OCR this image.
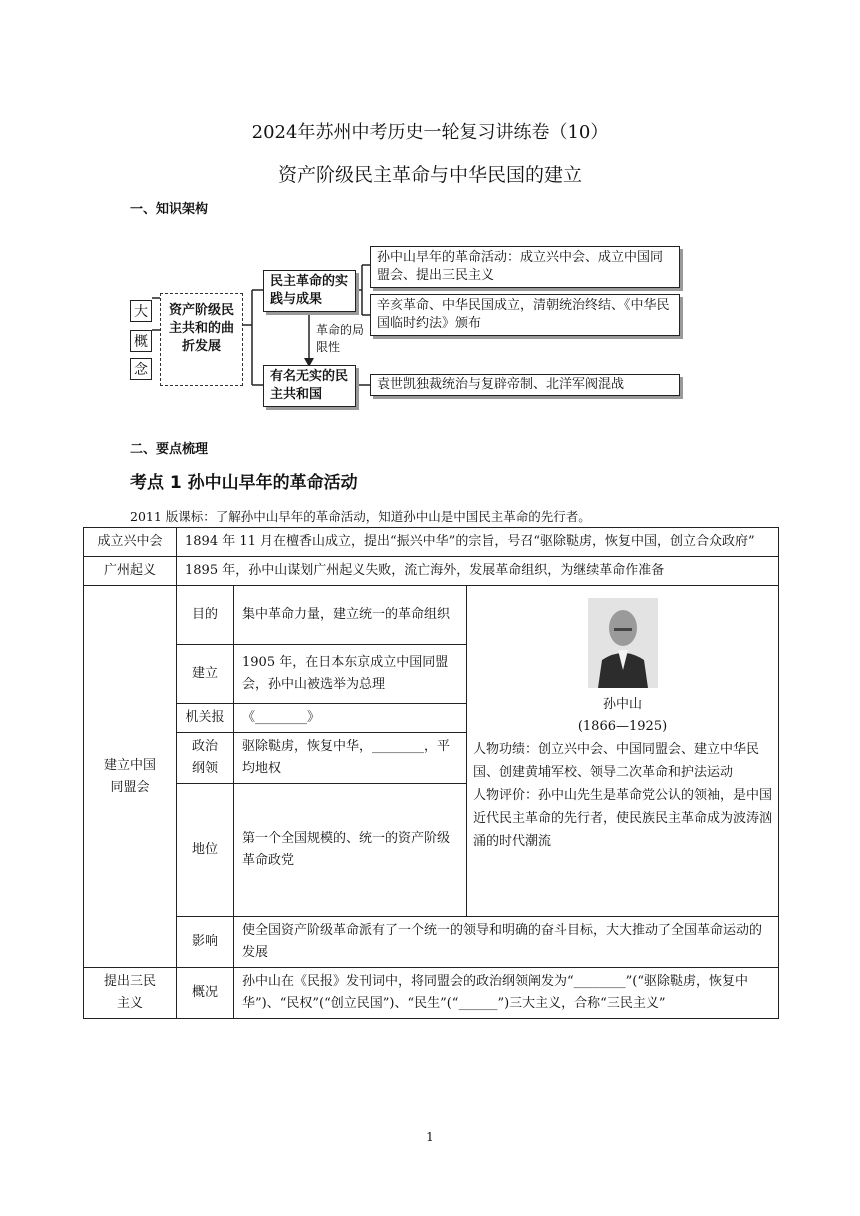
2024年苏州中考历史一轮复习讲练卷（10）
资产阶级民主革命与中华民国的建立
一、知识架构
大
概
念
资产阶级民主共和的曲折发展
民主革命的实践与成果
革命的局限性
有名无实的民主共和国
孙中山早年的革命活动：成立兴中会、成立中国同盟会、提出三民主义
辛亥革命、中华民国成立，清朝统治终结、《中华民国临时约法》颁布
袁世凯独裁统治与复辟帝制、北洋军阀混战
二、要点梳理
考点 1 孙中山早年的革命活动
2011 版课标：了解孙中山早年的革命活动，知道孙中山是中国民主革命的先行者。
成立兴中会	1894 年 11 月在檀香山成立，提出“振兴中华”的宗旨，号召“驱除鞑虏，恢复中国，创立合众政府”		
广州起义	1895 年，孙中山谋划广州起义失败，流亡海外，发展革命组织，为继续革命作准备		

建立中国同盟会	目的	集中革命力量，建立统一的革命组织	孙中山
(1866—1925)
人物功绩：创立兴中会、中国同盟会、建立中华民国、创建黄埔军校、领导二次革命和护法运动
人物评价：孙中山先生是革命党公认的领袖，是中国近代民主革命的先行者，使民族民主革命成为波涛汹涌的时代潮流

	建立	1905 年，在日本东京成立中国同盟会，孙中山被选举为总理	
	机关报	《________》	

	政治纲领	驱除鞑虏，恢复中华，________，平均地权	
	地位	第一个全国规模的、统一的资产阶级革命政党	
	影响	使全国资产阶级革命派有了一个统一的领导和明确的奋斗目标，大大推动了全国革命运动的发展	

提出三民主义	概况	孙中山在《民报》发刊词中，将同盟会的政治纲领阐发为“________”(“驱除鞑虏，恢复中华”)、“民权”(“创立民国”)、“民生”(“______”)三大主义，合称“三民主义”	
1
